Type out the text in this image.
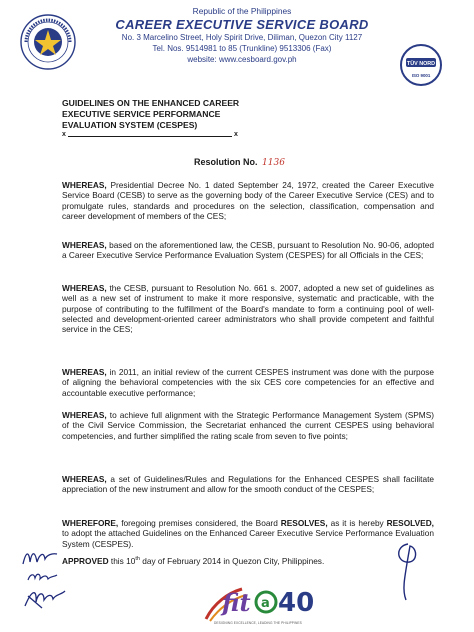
Republic of the Philippines
CAREER EXECUTIVE SERVICE BOARD
No. 3 Marcelino Street, Holy Spirit Drive, Diliman, Quezon City 1127
Tel. Nos. 9514981 to 85 (Trunkline) 9513306 (Fax)
website: www.cesboard.gov.ph
TÜV NORD
ISO 9001
GUIDELINES ON THE ENHANCED CAREER
EXECUTIVE SERVICE PERFORMANCE
EVALUATION SYSTEM (CESPES)
x	x
Resolution No. 1136
WHEREAS, Presidential Decree No. 1 dated September 24, 1972, created the Career Executive Service Board (CESB) to serve as the governing body of the Career Executive Service (CES) and to promulgate rules, standards and procedures on the selection, classification, compensation and career development of members of the CES;
WHEREAS, based on the aforementioned law, the CESB, pursuant to Resolution No. 90-06, adopted a Career Executive Service Performance Evaluation System (CESPES) for all Officials in the CES;
WHEREAS, the CESB, pursuant to Resolution No. 661 s. 2007, adopted a new set of guidelines as well as a new set of instrument to make it more responsive, systematic and practicable, with the purpose of contributing to the fulfillment of the Board's mandate to form a continuing pool of well-selected and development-oriented career administrators who shall provide competent and faithful service in the CES;
WHEREAS, in 2011, an initial review of the current CESPES instrument was done with the purpose of aligning the behavioral competencies with the six CES core competencies for an effective and accountable executive performance;
WHEREAS, to achieve full alignment with the Strategic Performance Management System (SPMS) of the Civil Service Commission, the Secretariat enhanced the current CESPES using behavioral competencies, and further simplified the rating scale from seven to five points;
WHEREAS, a set of Guidelines/Rules and Regulations for the Enhanced CESPES shall facilitate appreciation of the new instrument and allow for the smooth conduct of the CESPES;
WHEREFORE, foregoing premises considered, the Board RESOLVES, as it is hereby RESOLVED, to adopt the attached Guidelines on the Enhanced Career Executive Service Performance Evaluation System (CESPES).
APPROVED this 10th day of February 2014 in Quezon City, Philippines.
fit a 40
DESIGNING EXCELLENCE, LEADING THE PHILIPPINES
